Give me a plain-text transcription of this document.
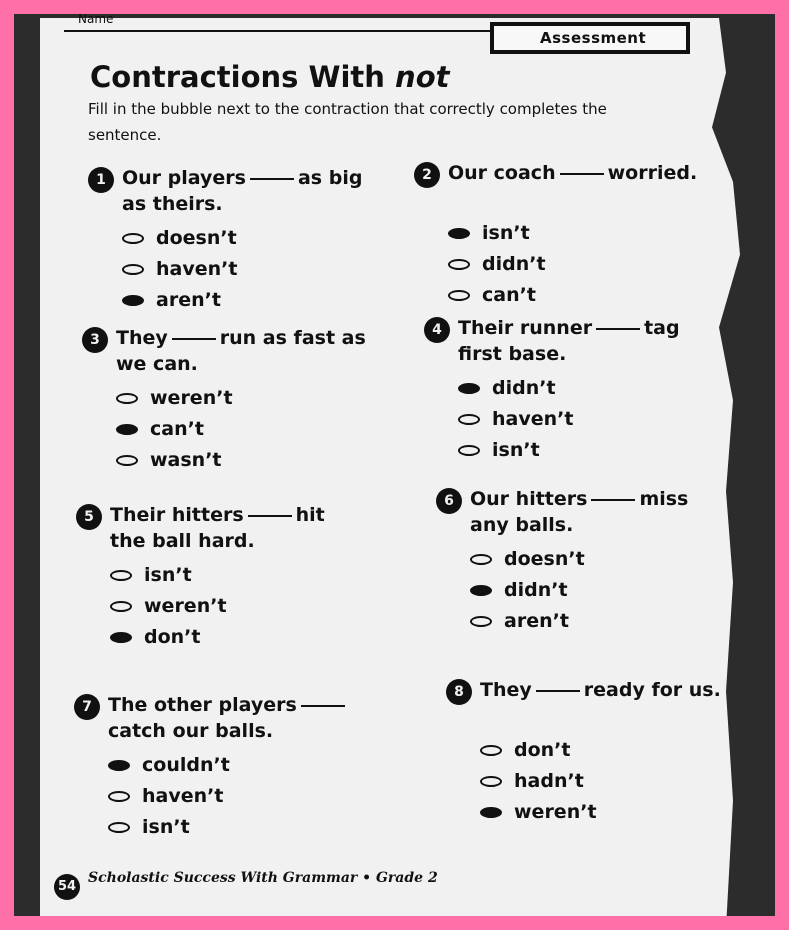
Name
Assessment
Contractions With not
Fill in the bubble next to the contraction that correctly completes the sentence.
1 Our players	as big as theirs.
doesn’t
haven’t
aren’t
2 Our coach	worried.
isn’t
didn’t
can’t
3 They	run as fast as we can.
weren’t
can’t
wasn’t
4 Their runner	tag first base.
didn’t
haven’t
isn’t
5 Their hitters	hit the ball hard.
isn’t
weren’t
don’t
6 Our hitters	miss any balls.
doesn’t
didn’t
aren’t
7 The other playerscatch our balls.
couldn’t
haven’t
isn’t
8 They	ready for us.
don’t
hadn’t
weren’t
54
Scholastic Success With Grammar • Grade 2
